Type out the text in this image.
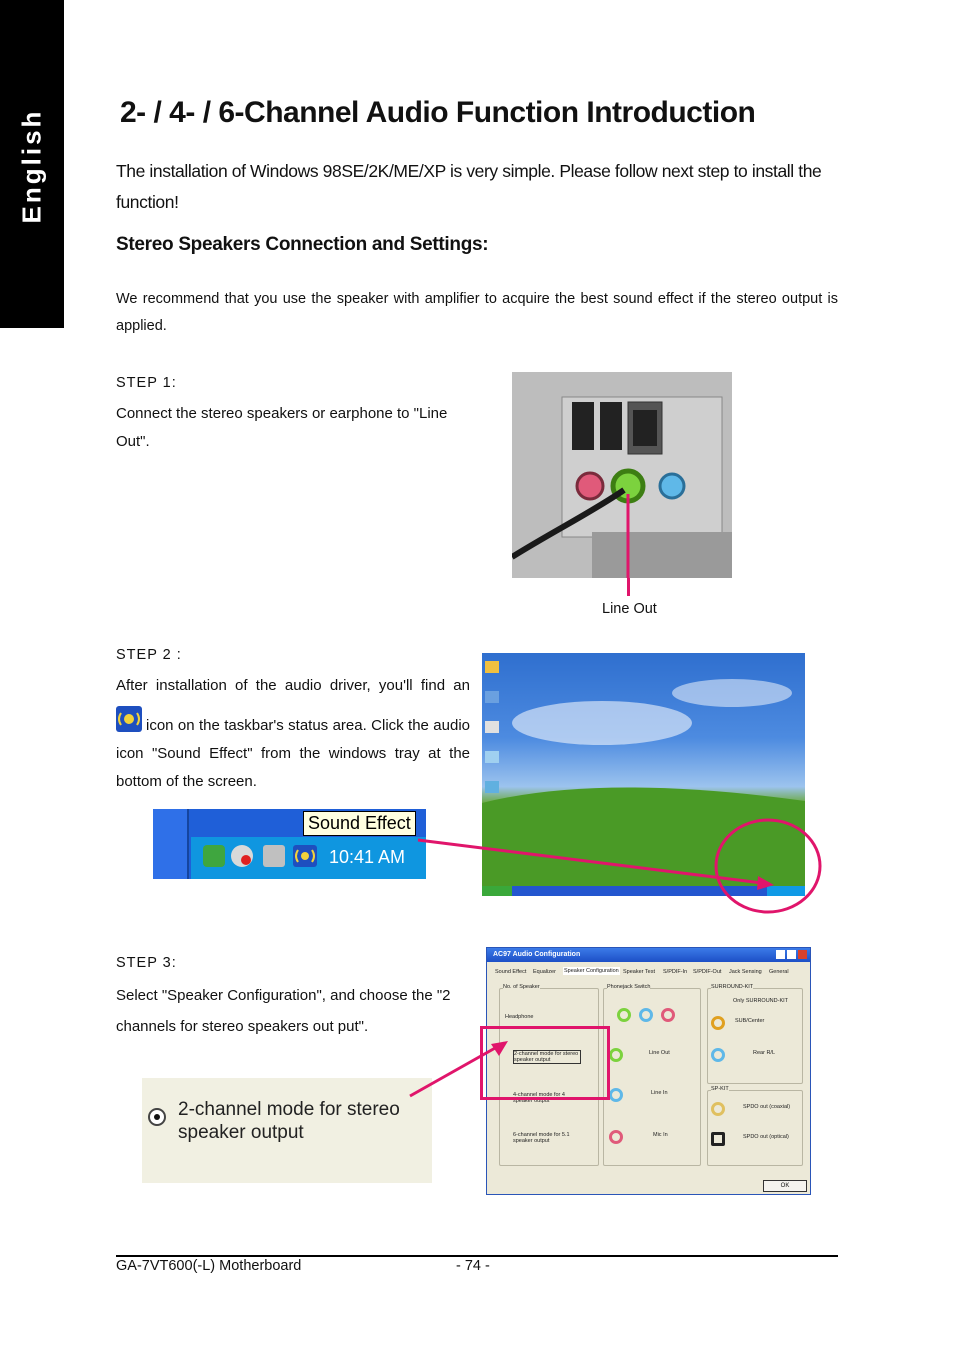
English 2- / 4- / 6-Channel Audio Function Introduction
The installation of Windows 98SE/2K/ME/XP is very simple. Please follow next step to install the function!
Stereo Speakers Connection and Settings:
We recommend that you use the speaker with amplifier to acquire the best sound effect if the stereo output is applied.
STEP 1:
Connect the stereo speakers or earphone to "Line Out".
Line Out
STEP 2 :
After installation of the audio driver, you'll find an
icon on the taskbar's status area. Click the audio icon "Sound Effect" from the windows tray at the bottom of the screen.
10:41 AM
Sound Effect
STEP 3:
Select "Speaker Configuration", and choose the "2 channels for stereo speakers out put".
AC97 Audio Configuration
Sound Effect Equalizer Speaker Configuration Speaker Test S/PDIF-In S/PDIF-Out Jack Sensing General
No. of Speaker
Headphone
2-channel mode for stereo speaker output
4-channel mode for 4 speaker output
6-channel mode for 5.1 speaker output
Phonejack Switch
Line Out
Line In
Mic In
SURROUND-KIT
Only SURROUND-KIT
SUB/Center
Rear R/L
SP-KIT
SPDO out (coaxial)
SPDO out (optical)
OK
2-channel mode for stereo speaker output
GA-7VT600(-L) Motherboard	- 74 -
